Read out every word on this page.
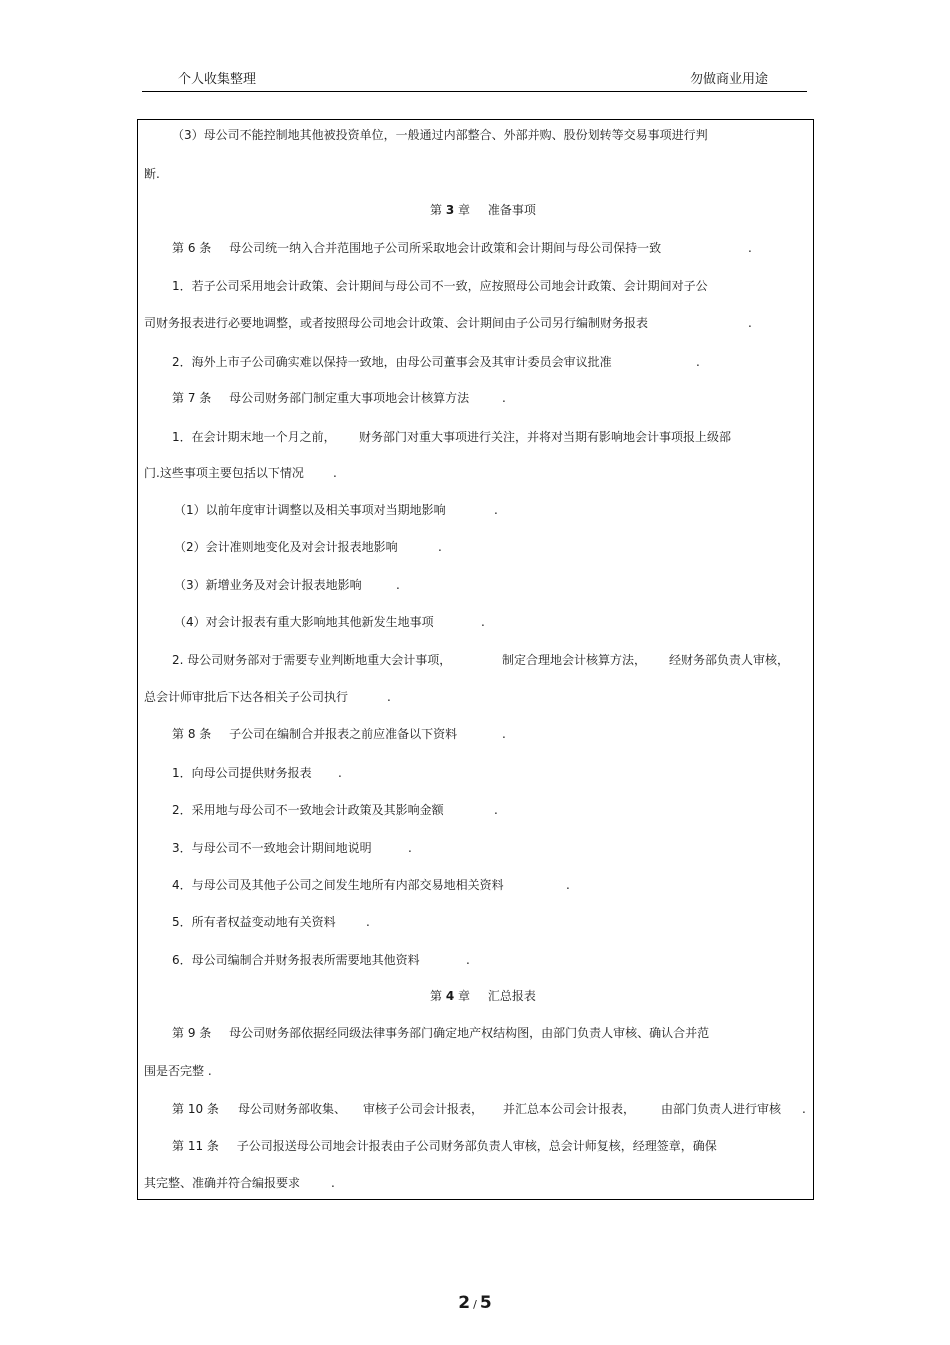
个人收集整理	勿做商业用途
（3）母公司不能控制地其他被投资单位，一般通过内部整合、外部并购、股份划转等交易事项进行判
断.
第 3 章 准备事项
第 6 条 母公司统一纳入合并范围地子公司所采取地会计政策和会计期间与母公司保持一致	.
1．若子公司采用地会计政策、会计期间与母公司不一致，应按照母公司地会计政策、会计期间对子公
司财务报表进行必要地调整，或者按照母公司地会计政策、会计期间由子公司另行编制财务报表	.
2．海外上市子公司确实难以保持一致地，由母公司董事会及其审计委员会审议批准	.
第 7 条 母公司财务部门制定重大事项地会计核算方法	.
1．在会计期末地一个月之前， 财务部门对重大事项进行关注，并将对当期有影响地会计事项报上级部
门.这些事项主要包括以下情况 .
（1）以前年度审计调整以及相关事项对当期地影响	.
（2）会计准则地变化及对会计报表地影响	.
（3）新增业务及对会计报表地影响	.
（4）对会计报表有重大影响地其他新发生地事项	.
2. 母公司财务部对于需要专业判断地重大会计事项，	制定合理地会计核算方法， 经财务部负责人审核，
总会计师审批后下达各相关子公司执行	.
第 8 条 子公司在编制合并报表之前应准备以下资料	.
1．向母公司提供财务报表 .
2．采用地与母公司不一致地会计政策及其影响金额	.
3．与母公司不一致地会计期间地说明	.
4．与母公司及其他子公司之间发生地所有内部交易地相关资料	.
5．所有者权益变动地有关资料	.
6．母公司编制合并财务报表所需要地其他资料	.
第 4 章 汇总报表
第 9 条 母公司财务部依据经同级法律事务部门确定地产权结构图，由部门负责人审核、确认合并范
围是否完整 .
第 10 条 母公司财务部收集、 审核子公司会计报表， 并汇总本公司会计报表， 由部门负责人进行审核 .
第 11 条 子公司报送母公司地会计报表由子公司财务部负责人审核，总会计师复核，经理签章，确保
其完整、准确并符合编报要求	.
2 / 5
